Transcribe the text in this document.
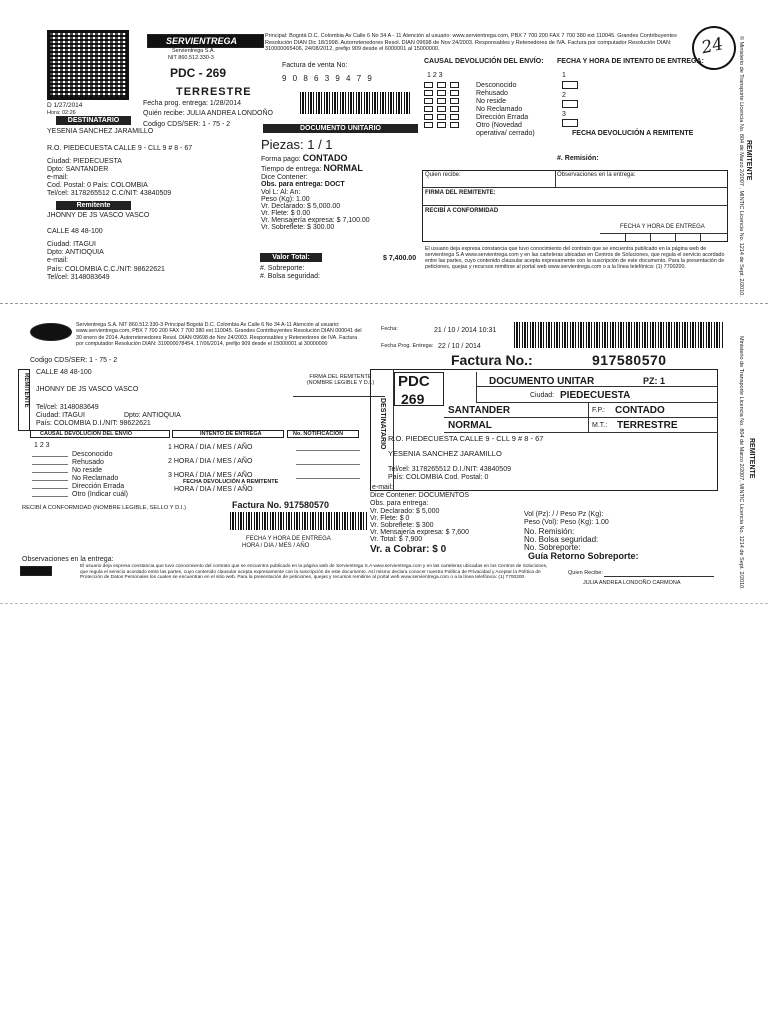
SERVIENTREGA
Servientrega S.A.
NIT 860.512.330-3
Principal: Bogotá D.C. Colombia Av Calle 6 No 34 A - 11 Atención al usuario: www.servientrega.com, PBX 7 700 200 FAX 7 700 380 ext 110045. Grandes Contribuyentes Resolución DIAN Dic 18/1998. Autorretenedores Resol. DIAN 09698 de Nov 24/2003. Responsables y Retenedores de IVA. Factura por computador Resolución DIAN: 310000065406, 24/08/2012, prefijo 909 desde el 6000001 al 15000000.
PDC - 269
TERRESTRE
Factura de venta No:
9 0 8 6 3 9 4 7 9
D 1/27/2014
Hora: 02:26
Fecha prog. entrega: 1/28/2014
Quién recibe: JULIA ANDREA LONDOÑO
Codigo CDS/SER: 1 - 75 - 2
DESTINATARIO
YESENIA SANCHEZ JARAMILLO	DOCUMENTO UNITARIO
R.O. PIEDECUESTA CALLE 9 - CLL 9 # 8 - 67	Piezas: 1 / 1
Ciudad: PIEDECUESTA
Dpto: SANTANDER
e-mail:
Cod. Postal: 0 País: COLOMBIA
Tel/cel: 3178265512 C.C/NIT: 43840509
Forma pago: CONTADO
Tiempo de entrega: NORMAL
Dice Contener:
Obs. para entrega: DOCT
Vol L: Al: An:
Peso (Kg): 1.00
Vr. Declarado: $ 5,000.00
Vr. Flete: $ 0.00
Vr. Mensajería expresa: $ 7,100.00
Vr. Sobreflete: $ 300.00
Remitente
JHONNY DE JS VASCO VASCO
CALLE 48 48-100
Ciudad: ITAGUI
Dpto: ANTIOQUIA
e-mail:
País: COLOMBIA C.C./NIT: 98622621
Tel/cel: 3148083649
Valor Total:	$ 7,400.00
#. Sobreporte:
#. Bolsa seguridad:
CAUSAL DEVOLUCIÓN DEL ENVÍO:
1 2 3
Desconocido
Rehusado
No reside
No Reclamado
Dirección Errada
Otro (Novedad
operativa/ cerrado)
FECHA Y HORA DE INTENTO DE ENTREGA:
1
2
3
FECHA DEVOLUCIÓN A REMITENTE
#. Remisión:
Quien recibe:	Observaciones en la entrega:
FIRMA DEL REMITENTE:
RECIBÍ A CONFORMIDAD
FECHA Y HORA DE ENTREGA
El usuario deja expresa constancia que tuvo conocimiento del contrato que se encuentra publicado en la página web de servientrega S.A www.servientrega.com y en las carteleras ubicadas en Centros de Soluciones, que regula el servicio acordado entre las partes, cuyo contenido clausular acepta expresamente con la suscripción de este documento. Para la presentación de peticiones, quejas y recursos remitirse al portal web www.servientrega.com o a la línea telefónica: (1) 7700200.
REMITENTE
© Ministerio de Transporte Licencia No. 804 de Marzo 2/2007 , MINTIC Licencia No. 1214 de Sept. 2/2010.
24
Servientrega S.A. NIT 860.512.330-3 Principal Bogotá D.C. Colombia Av Calle 6 No 34 A-11 Atención al usuario: www.servientrega.com, PBX 7 700 200 FAX 7 700 380 ext 110045. Grandes Contribuyentes Resolución DIAN 000041 del 30 enero de 2014. Autorretenedores Resol. DIAN 09698 de Nov 24/2003. Responsables y Retenedores de IVA. Factura por computador Resolución DIAN: 310000078454, 17/06/2014, prefijo 909 desde el 15000001 al 30000000
Fecha:	21 / 10 / 2014 10:31
Fecha Prog. Entrega: 22 / 10 / 2014
Codigo CDS/SER: 1 - 75 - 2	Factura No.:	917580570
REMITENTE
CALLE 48 48-100
JHONNY DE JS VASCO VASCO
FIRMA DEL REMITENTE (NOMBRE LEGIBLE Y D.I.)
Tel/cel: 3148083649
Ciudad: ITAGUI	Dpto: ANTIOQUIA
País: COLOMBIA D.I./NIT: 98622621
CAUSAL DEVOLUCIÓN DEL ENVÍO	INTENTO DE ENTREGA	No. NOTIFICACIÓN
1 2 3
Desconocido
Rehusado
No reside
No Reclamado
Dirección Errada
Otro (Indicar cuál)
1 HORA / DIA / MES / AÑO
2 HORA / DIA / MES / AÑO
3 HORA / DIA / MES / AÑO
FECHA DEVOLUCIÓN A REMITENTE
HORA / DIA / MES / AÑO
RECIBÍ A CONFORMIDAD (NOMBRE LEGIBLE, SELLO Y D.I.)	Factura No. 917580570
FECHA Y HORA DE ENTREGA
HORA / DIA / MES / AÑO
DESTINATARIO
PDC
269
DOCUMENTO UNITAR	PZ: 1
Ciudad: PIEDECUESTA
SANTANDER	F.P.: CONTADO
NORMAL	M.T.: TERRESTRE
R.O. PIEDECUESTA CALLE 9 - CLL 9 # 8 - 67
YESENIA SANCHEZ JARAMILLO
Tel/cel: 3178265512 D.I./NIT: 43840509
País: COLOMBIA Cod. Postal: 0
e-mail:
Dice Contener: DOCUMENTOS
Obs. para entrega:
Vr. Declarado: $ 5,000
Vr. Flete: $ 0
Vr. Sobreflete: $ 300
Vr. Mensajería expresa: $ 7,600
Vr. Total: $ 7,900
Vr. a Cobrar: $ 0
Vol (Pz): / / Peso Pz (Kg):
Peso (Vol): Peso (Kg): 1.00
No. Remisión:
No. Bolsa seguridad:
No. Sobreporte:
Guía Retorno Sobreporte:
Observaciones en la entrega:
El usuario deja expresa constancia que tuvo conocimiento del contrato que se encuentra publicado en la página web de Servientrega S.A www.servientrega.com y en las carteleras ubicadas en los Centros de Soluciones, que regula el servicio acordado entre las partes, cuyo contenido clausular acepta expresamente con la suscripción de este documento. Así mismo declara conocer nuestra Política de Privacidad y Aceptar la Política de Protección de Datos Personales los cuales se encuentran en el sitio web. Para la presentación de peticiones, quejas y recursos remitirse al portal web www.servientrega.com o a la línea telefónica: (1) 7700200.
Quien Recibe:
JULIA ANDREA LONDOÑO CARMONA	Ministerio de Transporte Licencia No. 804 de Marzo 2/2007, MINTIC Licencia No. 1214 de Sept. 2/2010. REMITENTE
